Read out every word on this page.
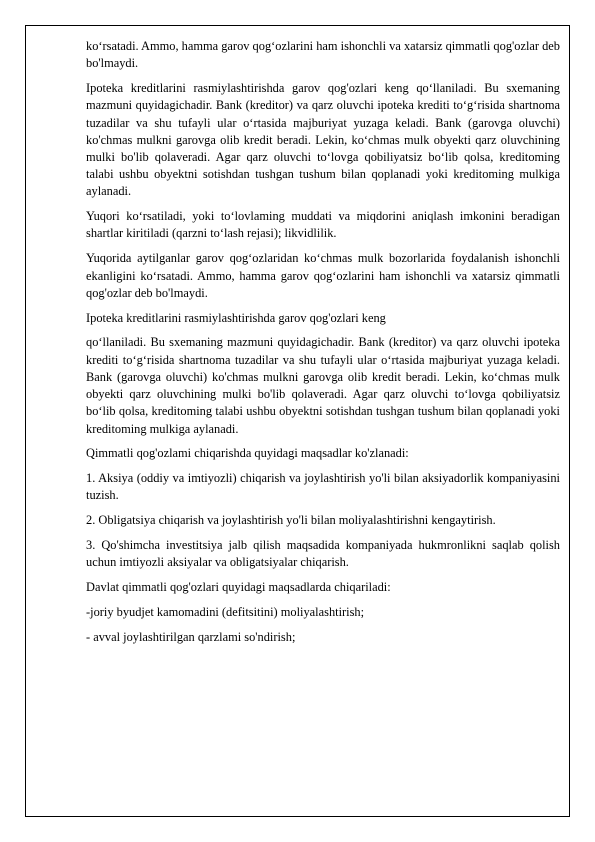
ko‘rsatadi. Ammo, hamma garov qog‘ozlarini ham ishonchli va xatarsiz qimmatli qog'ozlar deb bo'lmaydi.

Ipoteka kreditlarini rasmiylashtirishda garov qog'ozlari keng qo‘llaniladi. Bu sxemaning mazmuni quyidagichadir. Bank (kreditor) va qarz oluvchi ipoteka krediti to‘g‘risida shartnoma tuzadilar va shu tufayli ular o‘rtasida majburiyat yuzaga keladi. Bank (garovga oluvchi) ko'chmas mulkni garovga olib kredit beradi. Lekin, ko‘chmas mulk obyekti qarz oluvchining mulki bo'lib qolaveradi. Agar qarz oluvchi to‘lovga qobiliyatsiz bo‘lib qolsa, kreditoming talabi ushbu obyektni sotishdan tushgan tushum bilan qoplanadi yoki kreditoming mulkiga aylanadi.

Yuqori ko‘rsatiladi, yoki to‘lovlaming muddati va miqdorini aniqlash imkonini beradigan shartlar kiritiladi (qarzni to‘lash rejasi); likvidlilik.

Yuqorida aytilganlar garov qog‘ozlaridan ko‘chmas mulk bozorlarida foydalanish ishonchli ekanligini ko‘rsatadi. Ammo, hamma garov qog‘ozlarini ham ishonchli va xatarsiz qimmatli qog'ozlar deb bo'lmaydi.

Ipoteka kreditlarini rasmiylashtirishda garov qog'ozlari keng

qo‘llaniladi. Bu sxemaning mazmuni quyidagichadir. Bank (kreditor) va qarz oluvchi ipoteka krediti to‘g‘risida shartnoma tuzadilar va shu tufayli ular o‘rtasida majburiyat yuzaga keladi. Bank (garovga oluvchi) ko'chmas mulkni garovga olib kredit beradi. Lekin, ko‘chmas mulk obyekti qarz oluvchining mulki bo'lib qolaveradi. Agar qarz oluvchi to‘lovga qobiliyatsiz bo‘lib qolsa, kreditoming talabi ushbu obyektni sotishdan tushgan tushum bilan qoplanadi yoki kreditoming mulkiga aylanadi.

Qimmatli qog'ozlami chiqarishda quyidagi maqsadlar ko'zlanadi:

1. Aksiya (oddiy va imtiyozli) chiqarish va joylashtirish yo'li bilan aksiyadorlik kompaniyasini tuzish.

2. Obligatsiya chiqarish va joylashtirish yo'li bilan moliyalashtirishni kengaytirish.

3. Qo'shimcha investitsiya jalb qilish maqsadida kompaniyada hukmronlikni saqlab qolish uchun imtiyozli aksiyalar va obligatsiyalar chiqarish.

Davlat qimmatli qog'ozlari quyidagi maqsadlarda chiqariladi:

-joriy byudjet kamomadini (defitsitini) moliyalashtirish;

- avval joylashtirilgan qarzlami so'ndirish;
